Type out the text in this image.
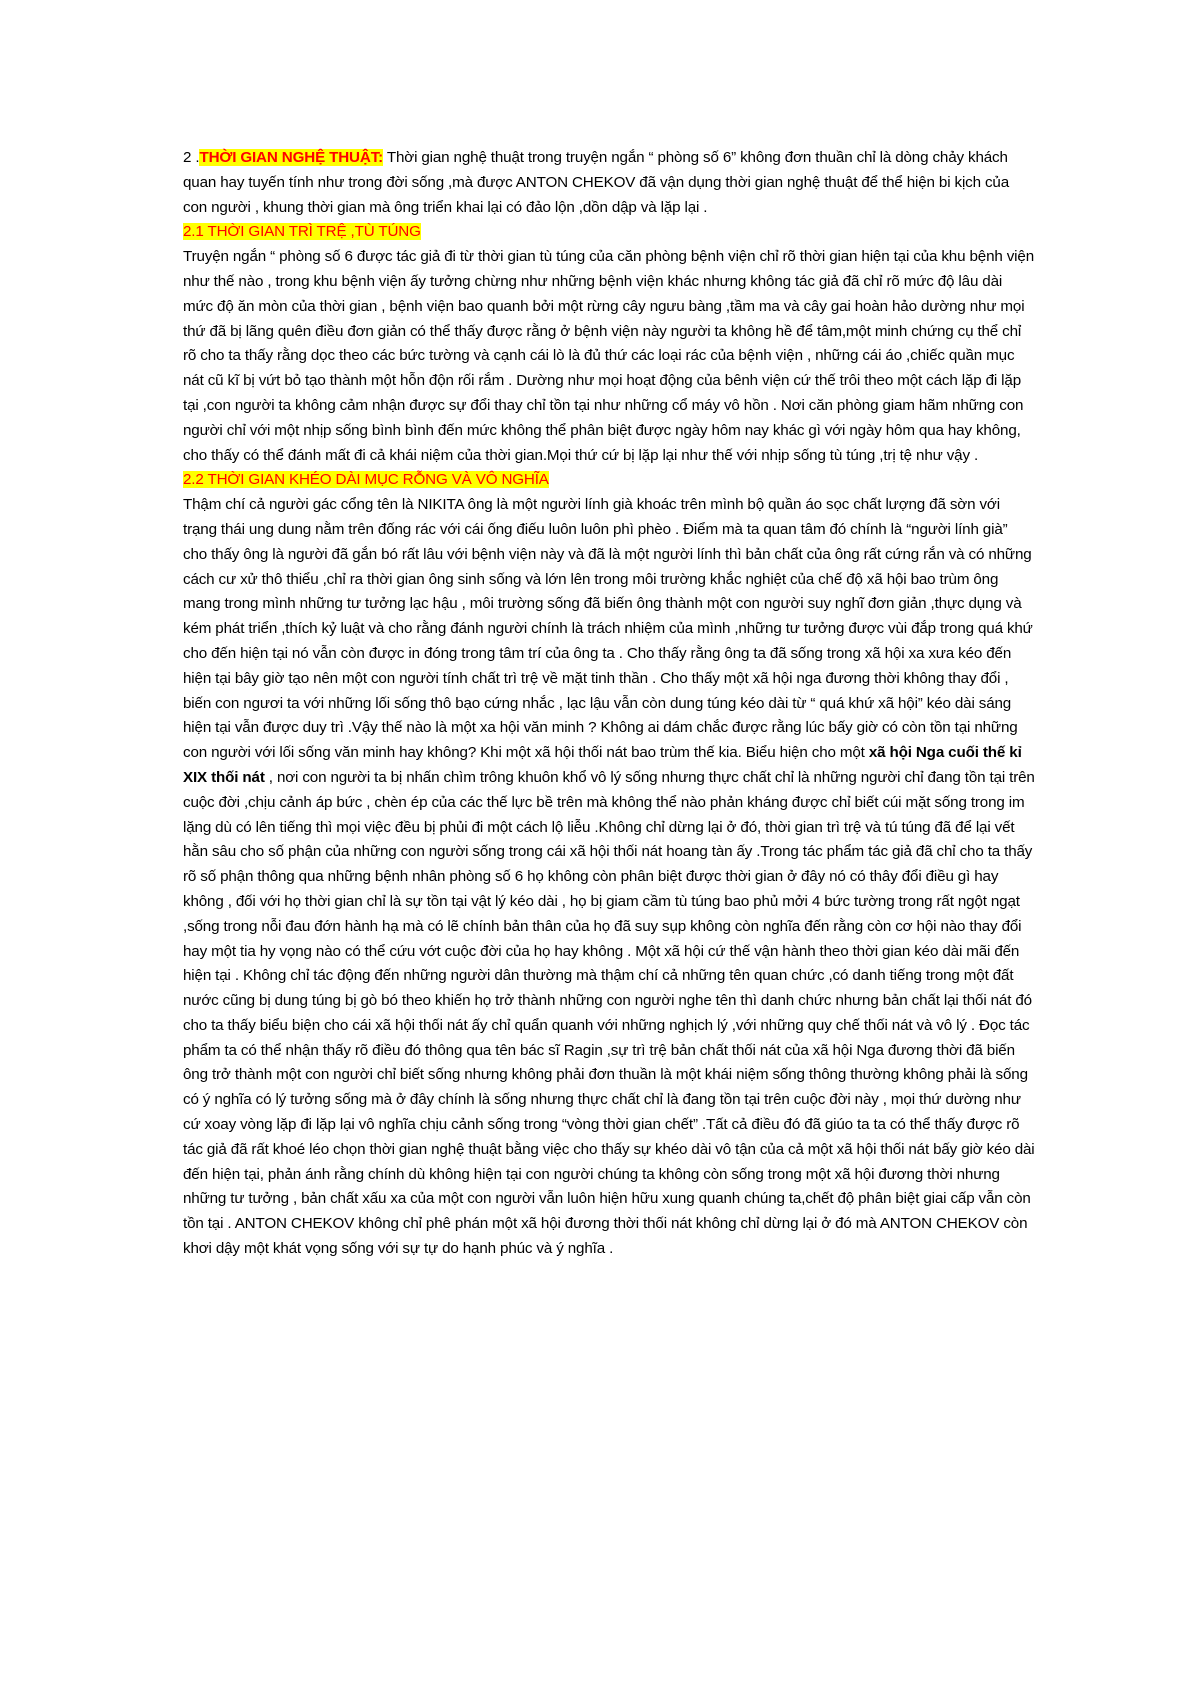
2 .THỜI GIAN NGHỆ THUẬT: Thời gian nghệ thuật trong truyện ngắn “ phòng số 6” không đơn thuần chỉ là dòng chảy khách quan hay tuyến tính như trong đời sống ,mà được ANTON CHEKOV đã vận dụng thời gian nghệ thuật để thể hiện bi kịch của con người , khung thời gian mà ông triển khai lại có đảo lộn ,dồn dập và lặp lại .

2.1 THỜI GIAN TRÌ TRỆ ,TÙ TÚNG

Truyện ngắn “ phòng số 6 được tác giả đi từ thời gian tù túng của căn phòng bệnh viện chỉ rõ thời gian hiện tại của khu bệnh viện như thế nào , trong khu bệnh viện ấy tưởng chừng như những bệnh viện khác nhưng không tác giả đã chỉ rõ mức độ lâu dài mức độ ăn mòn của thời gian , bệnh viện bao quanh bởi một rừng cây ngưu bàng ,tầm ma và cây gai hoàn hảo dường như mọi thứ đã bị lãng quên điều đơn giản có thể thấy được rằng ở bệnh viện này người ta không hề để tâm,một minh chứng cụ thể chỉ rõ cho ta thấy rằng dọc theo các bức tường và cạnh cái lò là đủ thứ các loại rác của bệnh viện , những cái áo ,chiếc quần mục nát cũ kĩ bị vứt bỏ tạo thành một hỗn độn rối rắm . Dường như mọi hoạt động của bênh viện cứ thế trôi theo một cách lặp đi lặp tại ,con người ta không cảm nhận được sự đổi thay chỉ tồn tại như những cổ máy vô hồn . Nơi căn phòng giam hãm những con người chỉ với một nhịp sống bình bình đến mức không thể phân biệt được ngày hôm nay khác gì với ngày hôm qua hay không, cho thấy có thể đánh mất đi cả khái niệm của thời gian.Mọi thứ cứ bị lặp lại như thế với nhịp sống tù túng ,trị tệ như vậy .

2.2 THỜI GIAN KHÉO DÀI MỤC RỖNG VÀ VÔ NGHĨA

Thậm chí cả người gác cổng tên là NIKITA ông là một người lính già khoác trên mình bộ quần áo sọc chất lượng đã sờn với trạng thái ung dung nằm trên đống rác với cái ống điếu luôn luôn phì phèo . Điểm mà ta quan tâm đó chính là “người lính già” cho thấy ông là người đã gắn bó rất lâu với bệnh viện này và đã là một người lính thì bản chất của ông rất cứng rắn và có những cách cư xử thô thiểu ,chỉ ra thời gian ông sinh sống và lớn lên trong môi trường khắc nghiệt của chế độ xã hội bao trùm ông mang trong mình những tư tưởng lạc hậu , môi trường sống đã biến ông thành một con người suy nghĩ đơn giản ,thực dụng và kém phát triển ,thích kỷ luật và cho rằng đánh người chính là trách nhiệm của mình ,những tư tưởng được vùi đắp trong quá khứ cho đến hiện tại nó vẫn còn được in đóng trong tâm trí của ông ta . Cho thấy rằng ông ta đã sống trong xã hội xa xưa kéo đến hiện tại bây giờ tạo nên một con người tính chất trì trệ về mặt tinh thần . Cho thấy một xã hội nga đương thời không thay đổi , biến con ngươi ta với những lối sống thô bạo cứng nhắc , lạc lậu vẫn còn dung túng kéo dài từ “ quá khứ xã hội” kéo dài sáng hiện tại vẫn được duy trì .Vậy thế nào là một xa hội văn minh ? Không ai dám chắc được rằng lúc bấy giờ có còn tồn tại những con người với lối sống văn minh hay không? Khi một xã hội thối nát bao trùm thế kia. Biểu hiện cho một xã hội Nga cuối thế kỉ XIX thối nát , nơi con người ta bị nhấn chìm trông khuôn khổ vô lý sống nhưng thực chất chỉ là những người chỉ đang tồn tại trên cuộc đời ,chịu cảnh áp bức , chèn ép của các thế lực bề trên mà không thể nào phản kháng được chỉ biết cúi mặt sống trong im lặng dù có lên tiếng thì mọi việc đều bị phủi đi một cách lộ liễu .Không chỉ dừng lại ở đó, thời gian trì trệ và tú túng đã để lại vết hằn sâu cho số phận của những con người sống trong cái xã hội thối nát hoang tàn ấy .Trong tác phẩm tác giả đã chỉ cho ta thấy rõ số phận thông qua những bệnh nhân phòng số 6 họ không còn phân biệt được thời gian ở đây nó có thây đổi điều gì hay không , đối với họ thời gian chỉ là sự tồn tại vật lý kéo dài , họ bị giam cầm tù túng bao phủ mởi 4 bức tường trong rất ngột ngạt ,sống trong nỗi đau đớn hành hạ mà có lẽ chính bản thân của họ đã suy sụp không còn nghĩa đến rằng còn cơ hội nào thay đổi hay một tia hy vọng nào có thể cứu vớt cuộc đời của họ hay không . Một xã hội cứ thế vận hành theo thời gian kéo dài mãi đến hiện tại . Không chỉ tác động đến những người dân thường mà thậm chí cả những tên quan chức ,có danh tiếng trong một đất nước cũng bị dung túng bị gò bó theo khiến họ trở thành những con người nghe tên thì danh chức nhưng bản chất lại thối nát đó cho ta thấy biểu biện cho cái xã hội thối nát ấy chỉ quẩn quanh với những nghịch lý ,với những quy chế thối nát và vô lý . Đọc tác phẩm ta có thể nhận thấy rõ điều đó thông qua tên bác sĩ Ragin ,sự trì trệ bản chất thối nát của xã hội Nga đương thời đã biến ông trở thành một con người chỉ biết sống nhưng không phải đơn thuần là một khái niệm sống thông thường không phải là sống có ý nghĩa có lý tưởng sống mà ở đây chính là sống nhưng thực chất chỉ là đang tồn tại trên cuộc đời này , mọi thứ dường như cứ xoay vòng lặp đi lặp lại vô nghĩa chịu cảnh sống trong “vòng thời gian chết” .Tất cả điều đó đã giúo ta ta có thể thấy được rõ tác giả đã rất khoé léo chọn thời gian nghệ thuật bằng việc cho thấy sự khéo dài vô tận của cả một xã hội thối nát bấy giờ kéo dài đến hiện tại, phản ánh rằng chính dù không hiện tại con người chúng ta không còn sống trong một xã hội đương thời nhưng những tư tưởng , bản chất xấu xa của một con người vẫn luôn hiện hữu xung quanh chúng ta,chết độ phân biệt giai cấp vẫn còn tồn tại . ANTON CHEKOV không chỉ phê phán một xã hội đương thời thối nát không chỉ dừng lại ở đó mà ANTON CHEKOV còn khơi dậy một khát vọng sống với sự tự do hạnh phúc và ý nghĩa .
